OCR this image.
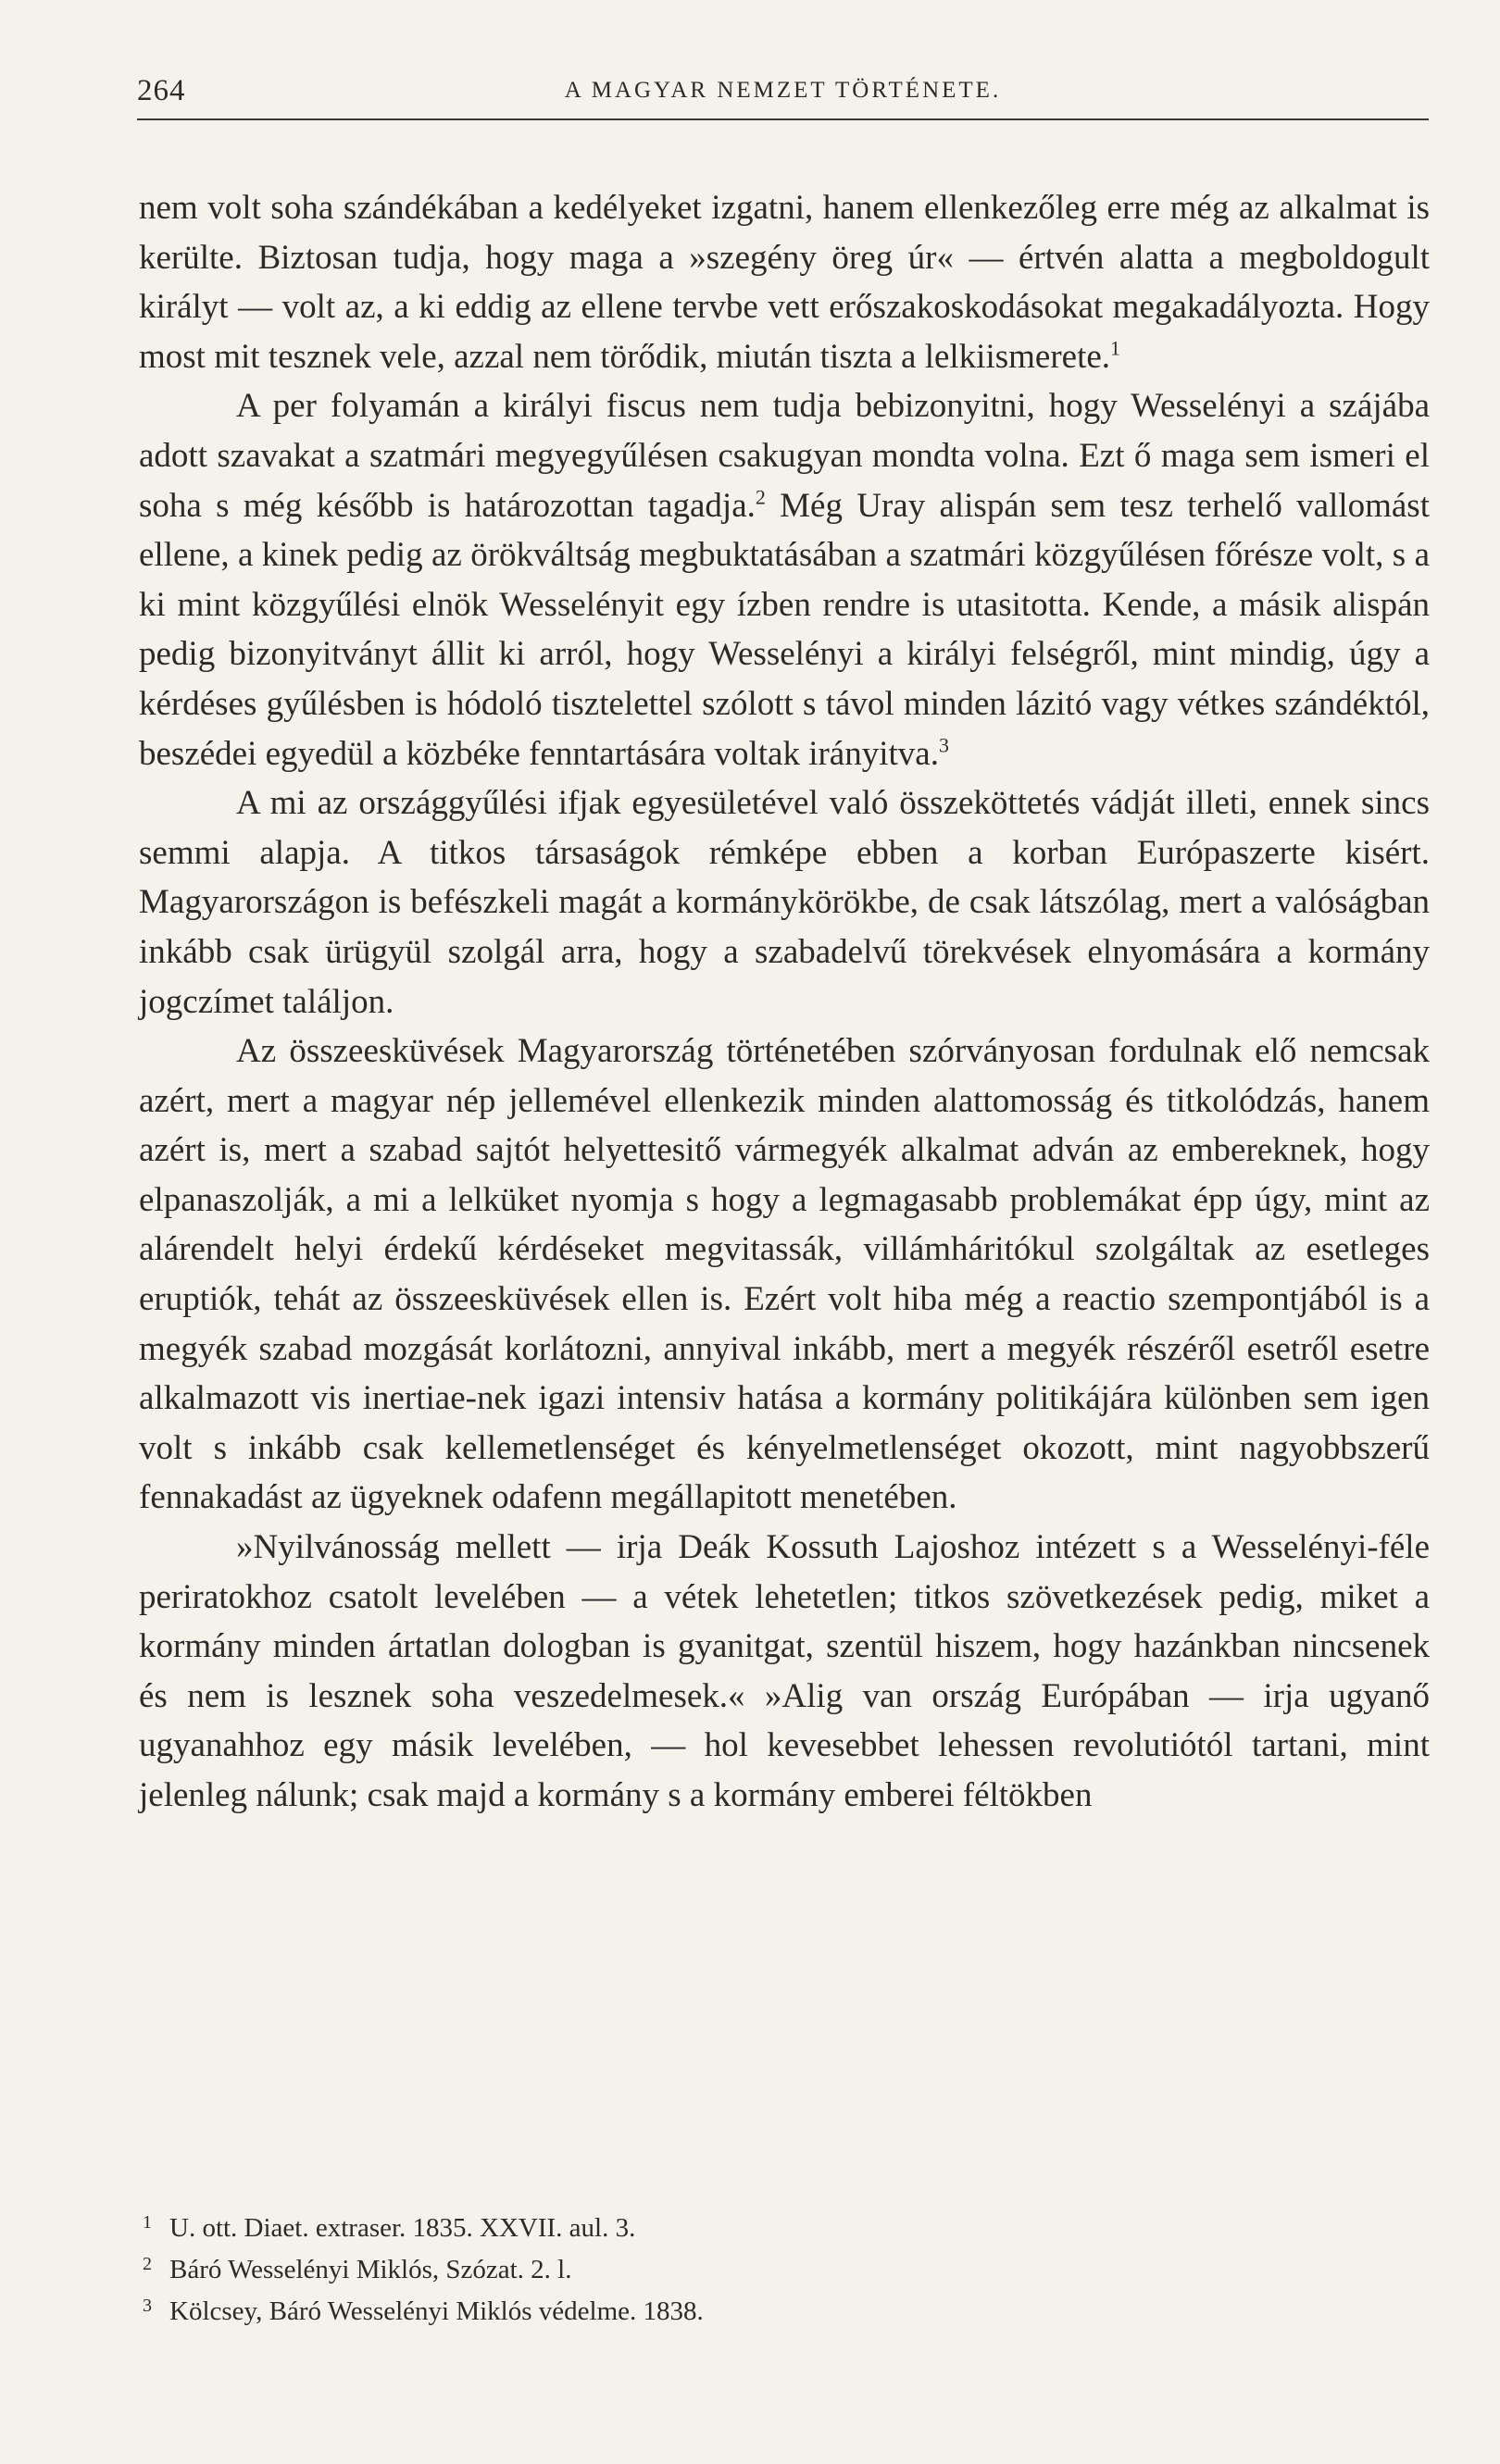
264	A MAGYAR NEMZET TÖRTÉNETE.

nem volt soha szándékában a kedélyeket izgatni, hanem ellenkezőleg erre még az alkalmat is kerülte. Biztosan tudja, hogy maga a »szegény öreg úr« — értvén alatta a megboldogult királyt — volt az, a ki eddig az ellene tervbe vett erőszakoskodásokat megakadályozta. Hogy most mit tesznek vele, azzal nem törődik, miután tiszta a lelkiismerete.$^1$

A per folyamán a királyi fiscus nem tudja bebizonyitni, hogy Wesselényi a szájába adott szavakat a szatmári megyegyűlésen csakugyan mondta volna. Ezt ő maga sem ismeri el soha s még később is határozottan tagadja.$^2$ Még Uray alispán sem tesz terhelő vallomást ellene, a kinek pedig az örökváltság megbuktatásában a szatmári közgyűlésen főrésze volt, s a ki mint közgyűlési elnök Wesselényit egy ízben rendre is utasitotta. Kende, a másik alispán pedig bizonyitványt állit ki arról, hogy Wesselényi a királyi felségről, mint mindig, úgy a kérdéses gyűlésben is hódoló tisztelettel szólott s távol minden lázitó vagy vétkes szándéktól, beszédei egyedül a közbéke fenntartására voltak irányitva.$^3$

A mi az országgyűlési ifjak egyesületével való összeköttetés vádját illeti, ennek sincs semmi alapja. A titkos társaságok rémképe ebben a korban Európaszerte kisért. Magyarországon is befészkeli magát a kormánykörökbe, de csak látszólag, mert a valóságban inkább csak ürügyül szolgál arra, hogy a szabadelvű törekvések elnyomására a kormány jogczímet találjon.

Az összeesküvések Magyarország történetében szórványosan fordulnak elő nemcsak azért, mert a magyar nép jellemével ellenkezik minden alattomosság és titkolódzás, hanem azért is, mert a szabad sajtót helyettesitő vármegyék alkalmat adván az embereknek, hogy elpanaszolják, a mi a lelküket nyomja s hogy a legmagasabb problemákat épp úgy, mint az alárendelt helyi érdekű kérdéseket megvitassák, villámháritókul szolgáltak az esetleges eruptiók, tehát az összeesküvések ellen is. Ezért volt hiba még a reactio szempontjából is a megyék szabad mozgását korlátozni, annyival inkább, mert a megyék részéről esetről esetre alkalmazott vis inertiae-nek igazi intensiv hatása a kormány politikájára különben sem igen volt s inkább csak kellemetlenséget és kényelmetlenséget okozott, mint nagyobbszerű fennakadást az ügyeknek odafenn megállapitott menetében.

»Nyilvánosság mellett — irja Deák Kossuth Lajoshoz intézett s a Wesselényi-féle periratokhoz csatolt levelében — a vétek lehetetlen; titkos szövetkezések pedig, miket a kormány minden ártatlan dologban is gyanitgat, szentül hiszem, hogy hazánkban nincsenek és nem is lesznek soha veszedelmesek.« »Alig van ország Európában — irja ugyanő ugyanahhoz egy másik levelében, — hol kevesebbet lehessen revolutiótól tartani, mint jelenleg nálunk; csak majd a kormány s a kormány emberei féltökben

1 U. ott. Diaet. extraser. 1835. XXVII. aul. 3.

2 Báró Wesselényi Miklós, Szózat. 2. l.

3 Kölcsey, Báró Wesselényi Miklós védelme. 1838.
